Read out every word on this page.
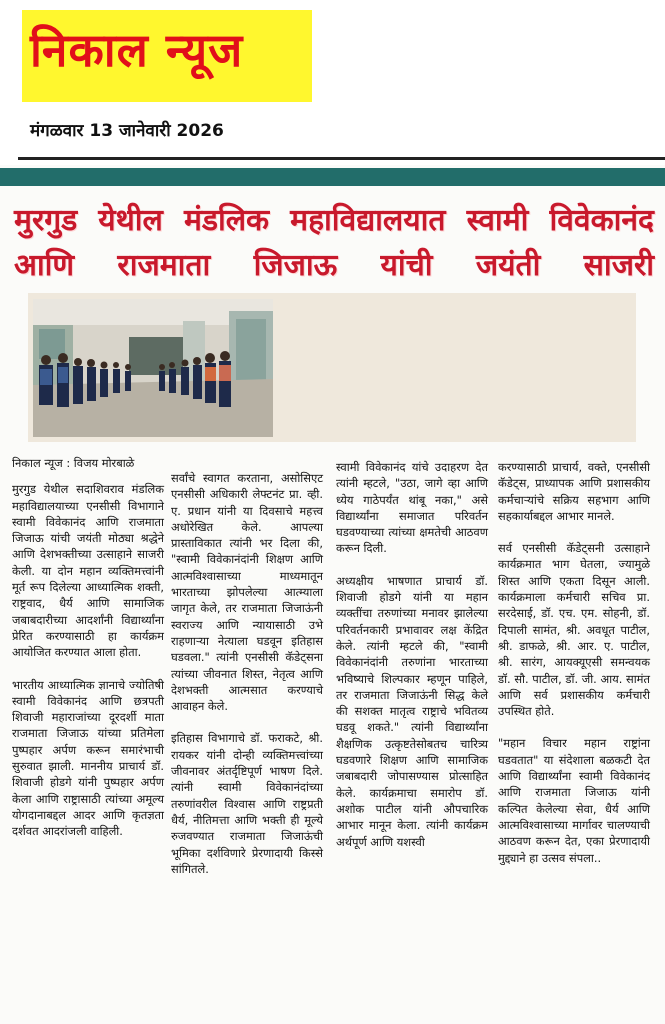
निकाल न्यूज
मंगळवार 13 जानेवारी 2026
मुरगुड येथील मंडलिक महाविद्यालयात स्वामी विवेकानंद आणि राजमाता जिजाऊ यांची जयंती साजरी

निकाल न्यूज : विजय मोरबाळे

मुरगुड येथील सदाशिवराव मंडलिक महाविद्यालयाच्या एनसीसी विभागाने स्वामी विवेकानंद आणि राजमाता जिजाऊ यांची जयंती मोठ्या श्रद्धेने आणि देशभक्तीच्या उत्साहाने साजरी केली. या दोन महान व्यक्तिमत्त्वांनी मूर्त रूप दिलेल्या आध्यात्मिक शक्ती, राष्ट्रवाद, धैर्य आणि सामाजिक जबाबदारीच्या आदर्शांनी विद्यार्थ्यांना प्रेरित करण्यासाठी हा कार्यक्रम आयोजित करण्यात आला होता.

भारतीय आध्यात्मिक ज्ञानाचे ज्योतिषी स्वामी विवेकानंद आणि छत्रपती शिवाजी महाराजांच्या दूरदर्शी माता राजमाता जिजाऊ यांच्या प्रतिमेला पुष्पहार अर्पण करून समारंभाची सुरुवात झाली. माननीय प्राचार्य डॉ. शिवाजी होडगे यांनी पुष्पहार अर्पण केला आणि राष्ट्रासाठी त्यांच्या अमूल्य योगदानाबद्दल आदर आणि कृतज्ञता दर्शवत आदरांजली वाहिली.

सर्वांचे स्वागत करताना, असोसिएट एनसीसी अधिकारी लेफ्टनंट प्रा. व्ही. ए. प्रधान यांनी या दिवसाचे महत्त्व अधोरेखित केले. आपल्या प्रास्ताविकात त्यांनी भर दिला की, "स्वामी विवेकानंदांनी शिक्षण आणि आत्मविश्वासाच्या माध्यमातून भारताच्या झोपलेल्या आत्म्याला जागृत केले, तर राजमाता जिजाऊंनी स्वराज्य आणि न्यायासाठी उभे राहणाऱ्या नेत्याला घडवून इतिहास घडवला." त्यांनी एनसीसी कॅडेट्सना त्यांच्या जीवनात शिस्त, नेतृत्व आणि देशभक्ती आत्मसात करण्याचे आवाहन केले.

इतिहास विभागाचे डॉ. फराकटे, श्री. रायकर यांनी दोन्ही व्यक्तिमत्त्वांच्या जीवनावर अंतर्दृष्टिपूर्ण भाषण दिले. त्यांनी स्वामी विवेकानंदांच्या तरुणांवरील विश्वास आणि राष्ट्रप्रती धैर्य, नीतिमत्ता आणि भक्ती ही मूल्ये रुजवण्यात राजमाता जिजाऊंची भूमिका दर्शविणारे प्रेरणादायी किस्से सांगितले.

स्वामी विवेकानंद यांचे उदाहरण देत त्यांनी म्हटले, "उठा, जागे व्हा आणि ध्येय गाठेपर्यंत थांबू नका," असे विद्यार्थ्यांना समाजात परिवर्तन घडवण्याच्या त्यांच्या क्षमतेची आठवण करून दिली.

अध्यक्षीय भाषणात प्राचार्य डॉ. शिवाजी होडगे यांनी या महान व्यक्तींचा तरुणांच्या मनावर झालेल्या परिवर्तनकारी प्रभावावर लक्ष केंद्रित केले. त्यांनी म्हटले की, "स्वामी विवेकानंदांनी तरुणांना भारताच्या भविष्याचे शिल्पकार म्हणून पाहिले, तर राजमाता जिजाऊंनी सिद्ध केले की सशक्त मातृत्व राष्ट्राचे भवितव्य घडवू शकते." त्यांनी विद्यार्थ्यांना शैक्षणिक उत्कृष्टतेसोबतच चारित्र्य घडवणारे शिक्षण आणि सामाजिक जबाबदारी जोपासण्यास प्रोत्साहित केले. कार्यक्रमाचा समारोप डॉ. अशोक पाटील यांनी औपचारिक आभार मानून केला. त्यांनी कार्यक्रम अर्थपूर्ण आणि यशस्वी

करण्यासाठी प्राचार्य, वक्ते, एनसीसी कॅडेट्स, प्राध्यापक आणि प्रशासकीय कर्मचाऱ्यांचे सक्रिय सहभाग आणि सहकार्याबद्दल आभार मानले.

सर्व एनसीसी कॅडेट्सनी उत्साहाने कार्यक्रमात भाग घेतला, ज्यामुळे शिस्त आणि एकता दिसून आली. कार्यक्रमाला कर्मचारी सचिव प्रा. सरदेसाई, डॉ. एच. एम. सोहनी, डॉ. दिपाली सामंत, श्री. अवधूत पाटील, श्री. डाफळे, श्री. आर. ए. पाटील, श्री. सारंग, आयक्यूएसी समन्वयक डॉ. सौ. पाटील, डॉ. जी. आय. सामंत आणि सर्व प्रशासकीय कर्मचारी उपस्थित होते.

"महान विचार महान राष्ट्रांना घडवतात" या संदेशाला बळकटी देत आणि विद्यार्थ्यांना स्वामी विवेकानंद आणि राजमाता जिजाऊ यांनी कल्पित केलेल्या सेवा, धैर्य आणि आत्मविश्वासाच्या मार्गावर चालण्याची आठवण करून देत, एका प्रेरणादायी मुद्द्याने हा उत्सव संपला..
